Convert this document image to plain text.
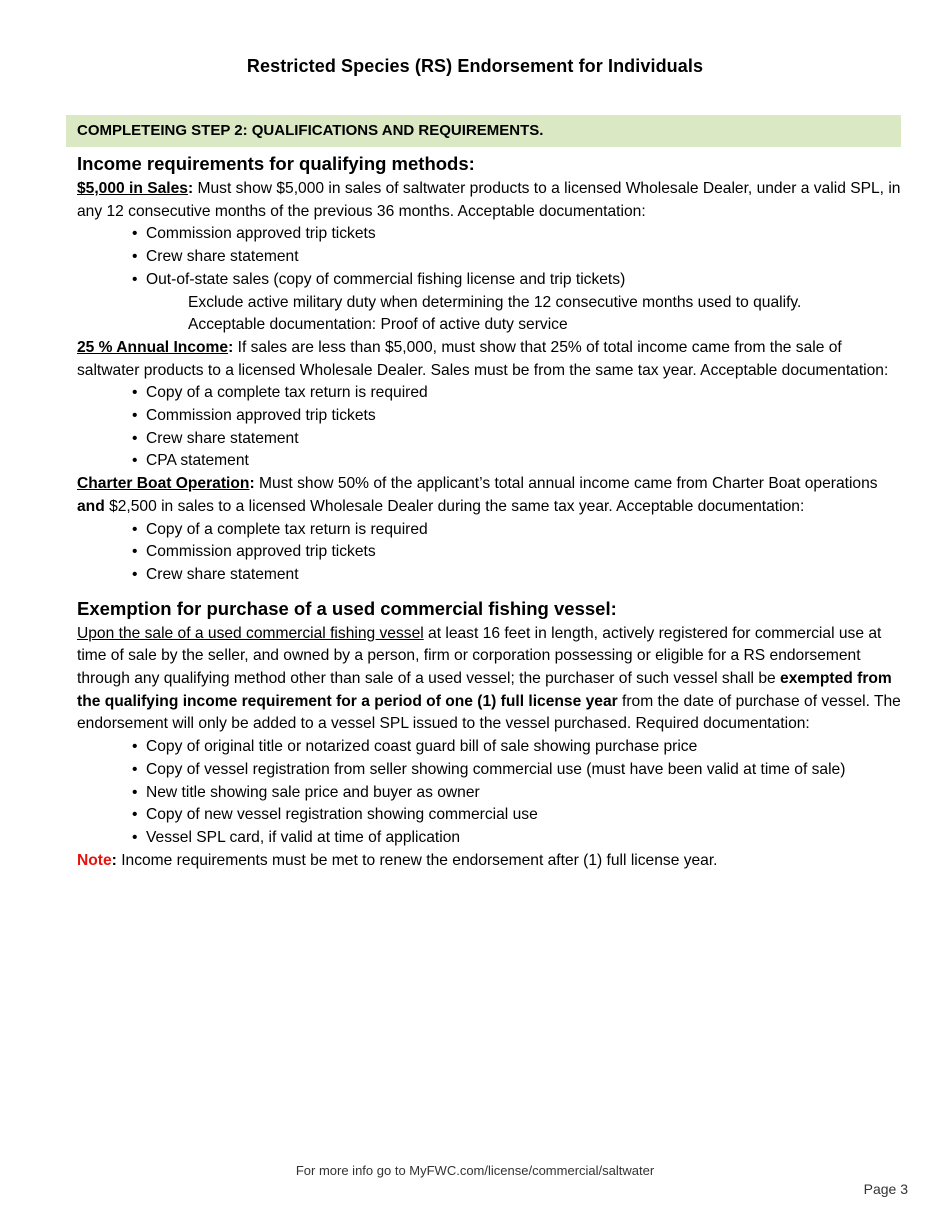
Restricted Species (RS) Endorsement for Individuals
COMPLETEING STEP 2: QUALIFICATIONS AND REQUIREMENTS.
Income requirements for qualifying methods:

$5,000 in Sales: Must show $5,000 in sales of saltwater products to a licensed Wholesale Dealer, under a valid SPL, in any 12 consecutive months of the previous 36 months. Acceptable documentation:

• Commission approved trip tickets
• Crew share statement
• Out-of-state sales (copy of commercial fishing license and trip tickets)

Exclude active military duty when determining the 12 consecutive months used to qualify.

Acceptable documentation: Proof of active duty service

25 % Annual Income: If sales are less than $5,000, must show that 25% of total income came from the sale of saltwater products to a licensed Wholesale Dealer. Sales must be from the same tax year. Acceptable documentation:

• Copy of a complete tax return is required
• Commission approved trip tickets
• Crew share statement
• CPA statement

Charter Boat Operation: Must show 50% of the applicant’s total annual income came from Charter Boat operations and $2,500 in sales to a licensed Wholesale Dealer during the same tax year. Acceptable documentation:

• Copy of a complete tax return is required
• Commission approved trip tickets
• Crew share statement
Exemption for purchase of a used commercial fishing vessel:

Upon the sale of a used commercial fishing vessel at least 16 feet in length, actively registered for commercial use at time of sale by the seller, and owned by a person, firm or corporation possessing or eligible for a RS endorsement through any qualifying method other than sale of a used vessel; the purchaser of such vessel shall be exempted from the qualifying income requirement for a period of one (1) full license year from the date of purchase of vessel. The endorsement will only be added to a vessel SPL issued to the vessel purchased. Required documentation:

• Copy of original title or notarized coast guard bill of sale showing purchase price
• Copy of vessel registration from seller showing commercial use (must have been valid at time of sale)
• New title showing sale price and buyer as owner
• Copy of new vessel registration showing commercial use
• Vessel SPL card, if valid at time of application

Note: Income requirements must be met to renew the endorsement after (1) full license year.

For more info go to MyFWC.com/license/commercial/saltwater
Page 3
